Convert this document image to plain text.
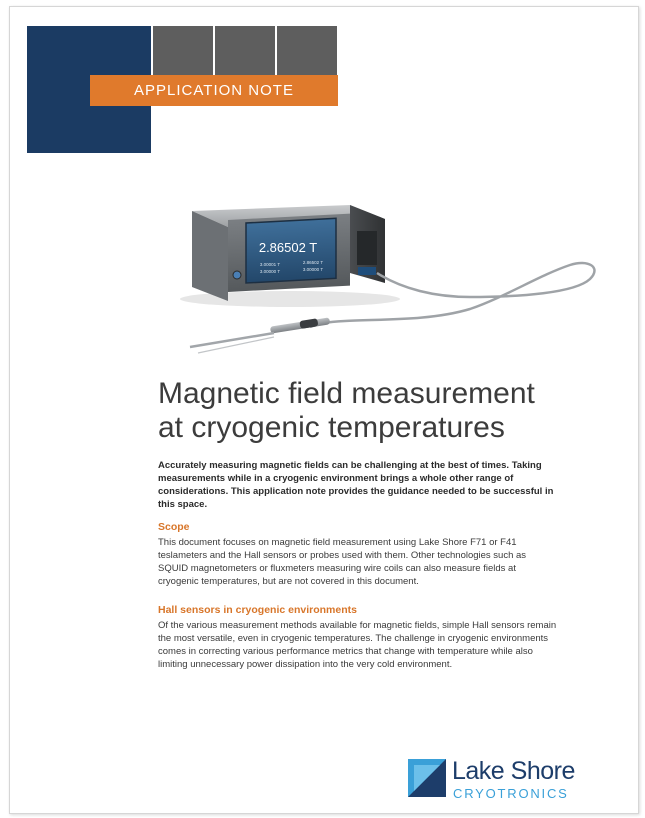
APPLICATION NOTE
2.86502 T
3.00001 T	2.86502 T
3.00000 T	3.00000 T
Magnetic field measurement
at cryogenic temperatures

Accurately measuring magnetic fields can be challenging at the best of times. Taking measurements while in a cryogenic environment brings a whole other range of considerations. This application note provides the guidance needed to be successful in this space.

Scope

This document focuses on magnetic field measurement using Lake Shore F71 or F41 teslameters and the Hall sensors or probes used with them. Other technologies such as SQUID magnetometers or fluxmeters measuring wire coils can also measure fields at cryogenic temperatures, but are not covered in this document.

Hall sensors in cryogenic environments

Of the various measurement methods available for magnetic fields, simple Hall sensors remain the most versatile, even in cryogenic temperatures. The challenge in cryogenic environments comes in correcting various performance metrics that change with temperature while also limiting unnecessary power dissipation into the very cold environment.

Lake Shore
CRYOTRONICS
